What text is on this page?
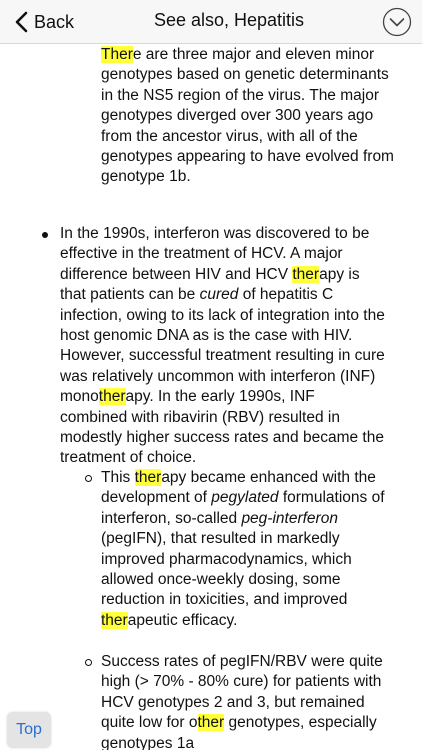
Back	See also, Hepatitis

There are three major and eleven minor genotypes based on genetic determinants in the NS5 region of the virus. The major genotypes diverged over 300 years ago from the ancestor virus, with all of the genotypes appearing to have evolved from genotype 1b.

In the 1990s, interferon was discovered to be effective in the treatment of HCV. A major difference between HIV and HCV therapy is that patients can be cured of hepatitis C infection, owing to its lack of integration into the host genomic DNA as is the case with HIV. However, successful treatment resulting in cure was relatively uncommon with interferon (INF) monotherapy. In the early 1990s, INF combined with ribavirin (RBV) resulted in modestly higher success rates and became the treatment of choice.

This therapy became enhanced with the development of pegylated formulations of interferon, so-called peg-interferon (pegIFN), that resulted in markedly improved pharmacodynamics, which allowed once-weekly dosing, some reduction in toxicities, and improved therapeutic efficacy.

Success rates of pegIFN/RBV were quite high (> 70% - 80% cure) for patients with HCV genotypes 2 and 3, but remained quite low for other genotypes, especially genotypes 1a

Top
